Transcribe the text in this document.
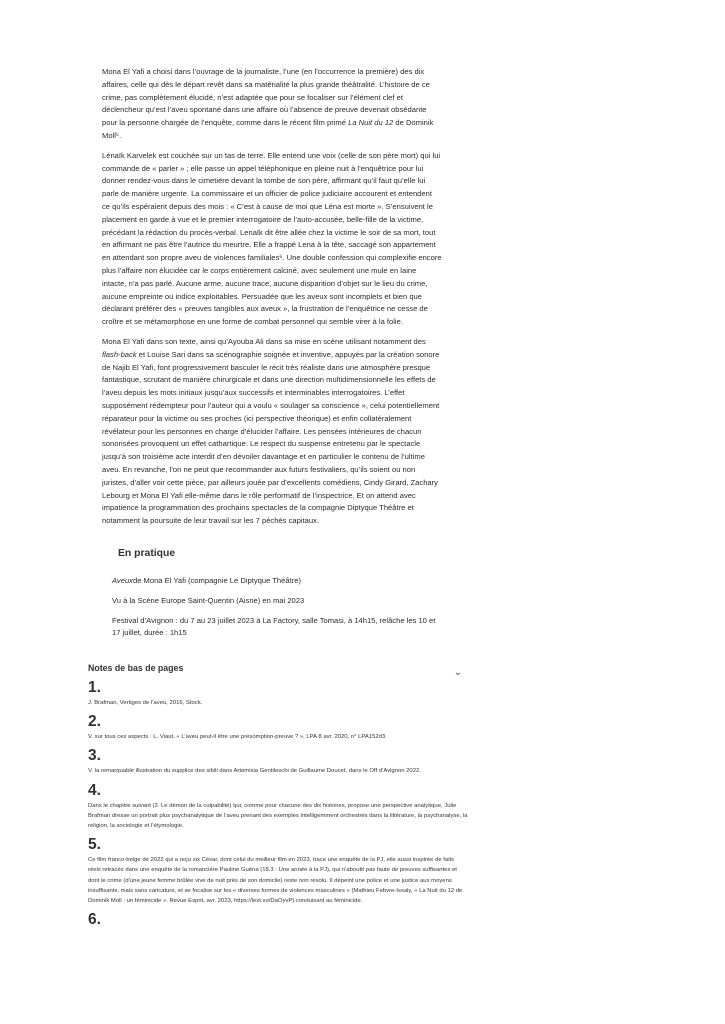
Mona El Yafi a choisi dans l’ouvrage de la journaliste, l’une (en l’occurrence la première) des dix affaires, celle qui dès le départ revêt dans sa matérialité la plus grande théâtralité. L’histoire de ce crime, pas complètement élucidé, n’est adaptée que pour se focaliser sur l’élément clef et déclencheur qu’est l’aveu spontané dans une affaire où l’absence de preuve devenait obsédante pour la personne chargée de l’enquête, comme dans le récent film primé La Nuit du 12 de Dominik Moll⁵.

Lénaïk Karvelek est couchée sur un tas de terre. Elle entend une voix (celle de son père mort) qui lui commande de « parler » ; elle passe un appel téléphonique en pleine nuit à l’enquêtrice pour lui donner rendez-vous dans le cimetière devant la tombe de son père, affirmant qu’il faut qu’elle lui parle de manière urgente. La commissaire et un officier de police judiciaire accourent et entendent ce qu’ils espéraient depuis des mois : « C’est à cause de moi que Léna est morte ». S’ensuivent le placement en garde à vue et le premier interrogatoire de l’auto-accusée, belle-fille de la victime, précédant la rédaction du procès-verbal. Lenaïk dit être allée chez la victime le soir de sa mort, tout en affirmant ne pas être l’autrice du meurtre. Elle a frappé Lena à la tête, saccagé son appartement en attendant son propre aveu de violences familiales⁶. Une double confession qui complexifie encore plus l’affaire non élucidée car le corps entièrement calciné, avec seulement une mule en laine intacte, n’a pas parlé. Aucune arme, aucune trace, aucune disparition d’objet sur le lieu du crime, aucune empreinte ou indice exploitables. Persuadée que les aveux sont incomplets et bien que déclarant préférer des « preuves tangibles aux aveux », la frustration de l’enquêtrice ne cesse de croître et se métamorphose en une forme de combat personnel qui semble virer à la folie.

Mona El Yafi dans son texte, ainsi qu’Ayouba Ali dans sa mise en scène utilisant notamment des flash-back et Louise Sari dans sa scénographie soignée et inventive, appuyés par la création sonore de Najib El Yafi, font progressivement basculer le récit très réaliste dans une atmosphère presque fantastique, scrutant de manière chirurgicale et dans une direction multidimensionnelle les effets de l’aveu depuis les mots initiaux jusqu’aux successifs et interminables interrogatoires. L’effet supposément rédempteur pour l’auteur qui a voulu « soulager sa conscience », celui potentiellement réparateur pour la victime ou ses proches (ici perspective théorique) et enfin collatéralement révélateur pour les personnes en charge d’élucider l’affaire. Les pensées intérieures de chacun sonorisées provoquent un effet cathartique. Le respect du suspense entretenu par le spectacle jusqu’à son troisième acte interdit d’en dévoiler davantage et en particulier le contenu de l’ultime aveu. En revanche, l’on ne peut que recommander aux futurs festivaliers, qu’ils soient ou non juristes, d’aller voir cette pièce, par ailleurs jouée par d’excellents comédiens, Cindy Girard, Zachary Lebourg et Mona El Yafi elle-même dans le rôle performatif de l’inspectrice. Et on attend avec impatience la programmation des prochains spectacles de la compagnie Diptyque Théâtre et notamment la poursuite de leur travail sur les 7 péchés capitaux.

En pratique

Aveuxde Mona El Yafi (compagnie Le Diptyque Théâtre)

Vu à la Scène Europe Saint-Quentin (Aisne) en mai 2023

Festival d’Avignon : du 7 au 23 juillet 2023 à La Factory, salle Tomasi, à 14h15, relâche les 10 et 17 juillet, durée : 1h15

Notes de bas de pages	⌄
1.

J. Brafman, Vertiges de l’aveu, 2016, Stock.

2.

V. sur tous ces aspects : L. Viaut, « L’aveu peut-il être une présomption-preuve ? », LPA 8 avr. 2020, n° LPA152d3.

3.

V. la remarquable illustration du supplice des sibili dans Artemisia Gentileschi de Guillaume Doucet, dans le Off d’Avignon 2022.

4.

Dans le chapitre suivant (2. Le démon de la culpabilité) qui, comme pour chacune des dix histoires, propose une perspective analytique, Julie Brafman dresse un portrait plus psychanalytique de l’aveu prenant des exemples intelligemment orchestrés dans la littérature, la psychanalyse, la religion, la sociologie et l’étymologie.

5.

Ce film franco-belge de 2022 qui a reçu six César, dont celui du meilleur film en 2023, trace une enquête de la PJ, elle aussi inspirée de faits réels retracés dans une enquête de la romancière Pauline Guéna (18.3 : Une année à la PJ), qui n’aboutit pas faute de preuves suffisantes et dont le crime (d’une jeune femme brûlée vive de nuit près de son domicile) reste non résolu. Il dépeint une police et une justice aux moyens insuffisants, mais sans caricature, et se focalise sur les « diverses formes de violences masculines » (Mathieu Febvre-Issaly, « La Nuit du 12 de Dominik Moll : un féminicide ». Revue Esprit, avr. 2023, https://lext.so/DaOyvP) conduisant au féminicide.

6.
